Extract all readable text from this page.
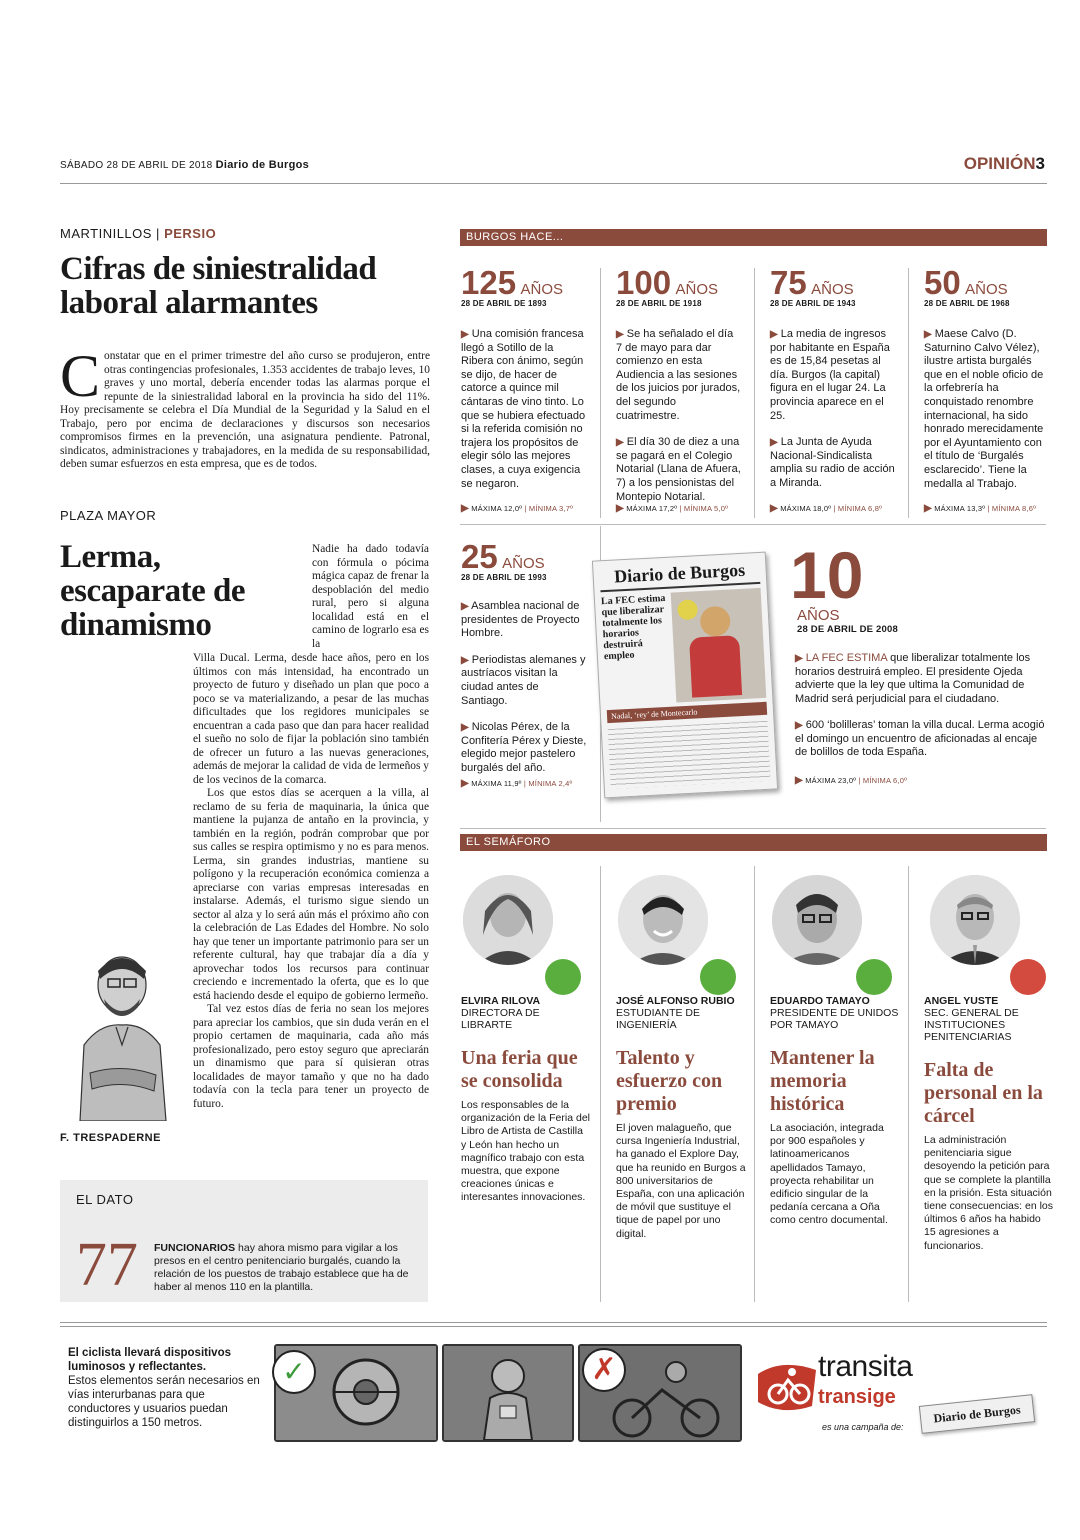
SÁBADO 28 DE ABRIL DE 2018 Diario de Burgos	OPINIÓN3
MARTINILLOS | PERSIO
Cifras de siniestralidad laboral alarmantes
Constatar que en el primer trimestre del año curso se produjeron, entre otras contingencias profesionales, 1.353 accidentes de trabajo leves, 10 graves y uno mortal, debería encender todas las alarmas porque el repunte de la siniestralidad laboral en la provincia ha sido del 11%. Hoy precisamente se celebra el Día Mundial de la Seguridad y la Salud en el Trabajo, pero por encima de declaraciones y discursos son necesarios compromisos firmes en la prevención, una asignatura pendiente. Patronal, sindicatos, administraciones y trabajadores, en la medida de su responsabilidad, deben sumar esfuerzos en esta empresa, que es de todos.
PLAZA MAYOR
Lerma, escaparate de dinamismo
Nadie ha dado todavía con fórmula o pócima mágica capaz de frenar la despoblación del medio rural, pero si alguna localidad está en el camino de lograrlo esa es la
Villa Ducal. Lerma, desde hace años, pero en los últimos con más intensidad, ha encontrado un proyecto de futuro y diseñado un plan que poco a poco se va materializando, a pesar de las muchas dificultades que los regidores municipales se encuentran a cada paso que dan para hacer realidad el sueño no solo de fijar la población sino también de ofrecer un futuro a las nuevas generaciones, además de mejorar la calidad de vida de lermeños y de los vecinos de la comarca.
Los que estos días se acerquen a la villa, al reclamo de su feria de maquinaria, la única que mantiene la pujanza de antaño en la provincia, y también en la región, podrán comprobar que por sus calles se respira optimismo y no es para menos. Lerma, sin grandes industrias, mantiene su polígono y la recuperación económica comienza a apreciarse con varias empresas interesadas en instalarse. Además, el turismo sigue siendo un sector al alza y lo será aún más el próximo año con la celebración de Las Edades del Hombre. No solo hay que tener un importante patrimonio para ser un referente cultural, hay que trabajar día a día y aprovechar todos los recursos para continuar creciendo e incrementado la oferta, que es lo que está haciendo desde el equipo de gobierno lermeño.
Tal vez estos días de feria no sean los mejores para apreciar los cambios, que sin duda verán en el propio certamen de maquinaria, cada año más profesionalizado, pero estoy seguro que apreciarán un dinamismo que para sí quisieran otras localidades de mayor tamaño y que no ha dado todavía con la tecla para tener un proyecto de futuro.
F. TRESPADERNE
EL DATO
77 FUNCIONARIOS hay ahora mismo para vigilar a los presos en el centro penitenciario burgalés, cuando la relación de los puestos de trabajo establece que ha de haber al menos 110 en la plantilla.
BURGOS HACE...
125 AÑOS
28 DE ABRIL DE 1893
▶ Una comisión francesa llegó a Sotillo de la Ribera con ánimo, según se dijo, de hacer de catorce a quince mil cántaras de vino tinto. Lo que se hubiera efectuado si la referida comisión no trajera los propósitos de elegir sólo las mejores clases, a cuya exigencia se negaron.
100 AÑOS
28 DE ABRIL DE 1918
▶ Se ha señalado el día 7 de mayo para dar comienzo en esta Audiencia a las sesiones de los juicios por jurados, del segundo cuatrimestre.
▶ El día 30 de diez a una se pagará en el Colegio Notarial (Llana de Afuera, 7) a los pensionistas del Montepio Notarial.
75 AÑOS
28 DE ABRIL DE 1943
▶ La media de ingresos por habitante en España es de 15,84 pesetas al día. Burgos (la capital) figura en el lugar 24. La provincia aparece en el 25.
▶ La Junta de Ayuda Nacional-Sindicalista amplia su radio de acción a Miranda.
50 AÑOS
28 DE ABRIL DE 1968
▶ Maese Calvo (D. Saturnino Calvo Vélez), ilustre artista burgalés que en el noble oficio de la orfebrería ha conquistado renombre internacional, ha sido honrado merecidamente por el Ayuntamiento con el título de ‘Burgalés esclarecido’. Tiene la medalla al Trabajo.
▶ MÁXIMA 12,0º | MÍNIMA 3,7º	▶ MÁXIMA 17,2º | MÍNIMA 5,0º	▶ MÁXIMA 18,0º | MÍNIMA 6,8º	▶ MÁXIMA 13,3º | MÍNIMA 8,6º
25 AÑOS
28 DE ABRIL DE 1993
▶ Asamblea nacional de presidentes de Proyecto Hombre.
▶ Periodistas alemanes y austríacos visitan la ciudad antes de Santiago.
▶ Nicolas Pérex, de la Confitería Pérex y Dieste, elegido mejor pastelero burgalés del año.
▶ MÁXIMA 11,9º | MÍNIMA 2,4º
Diario de Burgos
La FEC estima que liberalizar totalmente los horarios destruirá empleo
Nadal, ‘rey’ de Montecarlo
10
AÑOS
28 DE ABRIL DE 2008
▶ LA FEC ESTIMA que liberalizar totalmente los horarios destruirá empleo. El presidente Ojeda advierte que la ley que ultima la Comunidad de Madrid será perjudicial para el ciudadano.
▶ 600 ‘bolilleras’ toman la villa ducal. Lerma acogió el domingo un encuentro de aficionadas al encaje de bolillos de toda España.
▶ MÁXIMA 23,0º | MÍNIMA 6,0º
EL SEMÁFORO
ELVIRA RILOVA
DIRECTORA DE LIBRARTE
Una feria que se consolida
Los responsables de la organización de la Feria del Libro de Artista de Castilla y León han hecho un magnífico trabajo con esta muestra, que expone creaciones únicas e interesantes innovaciones.
JOSÉ ALFONSO RUBIO
ESTUDIANTE DE INGENIERÍA
Talento y esfuerzo con premio
El joven malagueño, que cursa Ingeniería Industrial, ha ganado el Explore Day, que ha reunido en Burgos a 800 universitarios de España, con una aplicación de móvil que sustituye el tique de papel por uno digital.
EDUARDO TAMAYO
PRESIDENTE DE UNIDOS POR TAMAYO
Mantener la memoria histórica
La asociación, integrada por 900 españoles y latinoamericanos apellidados Tamayo, proyecta rehabilitar un edificio singular de la pedanía cercana a Oña como centro documental.
ANGEL YUSTE
SEC. GENERAL DE INSTITUCIONES PENITENCIARIAS
Falta de personal en la cárcel
La administración penitenciaria sigue desoyendo la petición para que se complete la plantilla en la prisión. Esta situación tiene consecuencias: en los últimos 6 años ha habido 15 agresiones a funcionarios.
El ciclista llevará dispositivos luminosos y reflectantes.
Estos elementos serán necesarios en vías interurbanas para que conductores y usuarios puedan distinguirlos a 150 metros.
✓	✗	transita
transige
es una campaña de:
Diario de Burgos
